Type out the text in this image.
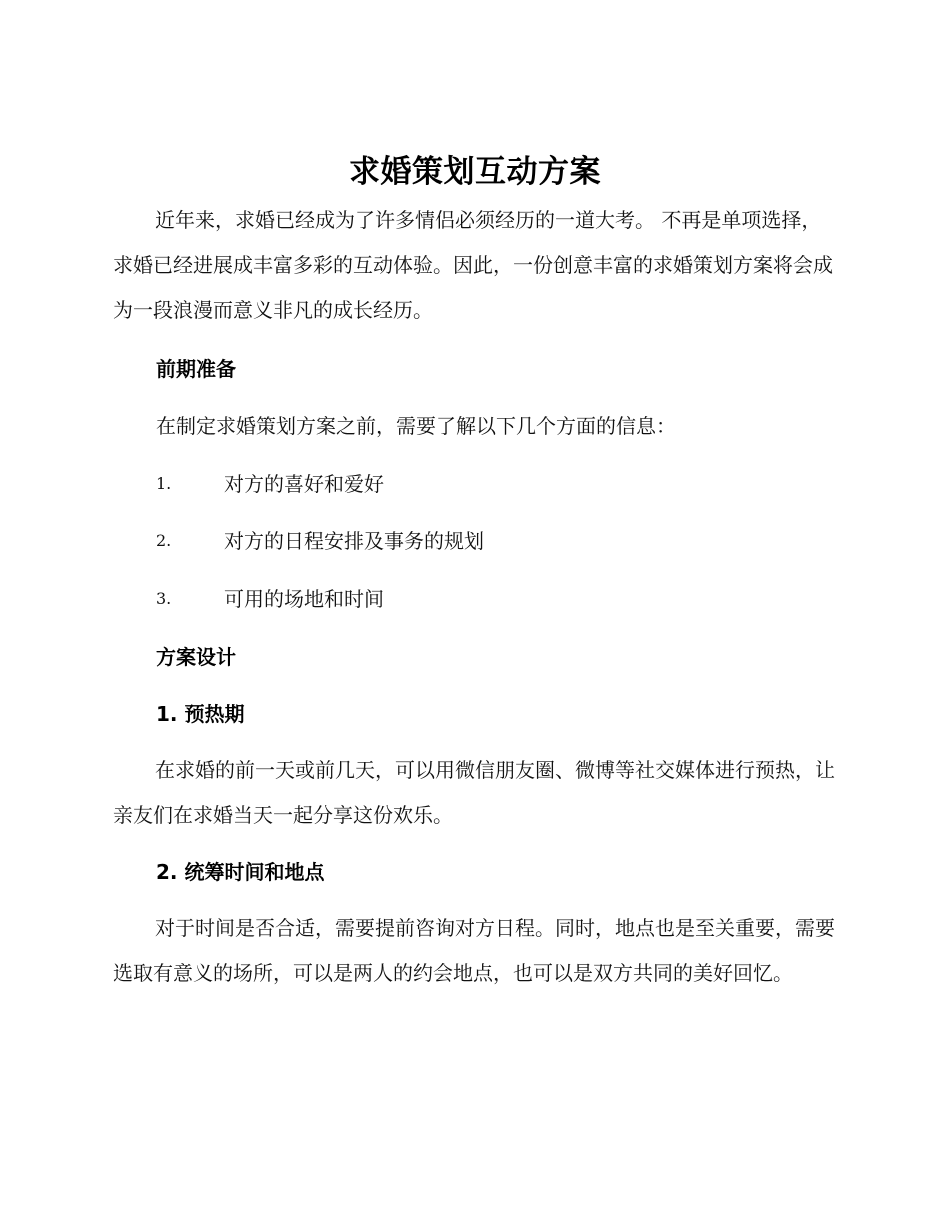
求婚策划互动方案

近年来，求婚已经成为了许多情侣必须经历的一道大考。 不再是单项选择，求婚已经进展成丰富多彩的互动体验。因此，一份创意丰富的求婚策划方案将会成为一段浪漫而意义非凡的成长经历。

前期准备
在制定求婚策划方案之前，需要了解以下几个方面的信息：
1.	对方的喜好和爱好
2.	对方的日程安排及事务的规划
3.	可用的场地和时间
方案设计
1. 预热期

在求婚的前一天或前几天，可以用微信朋友圈、微博等社交媒体进行预热，让亲友们在求婚当天一起分享这份欢乐。

2. 统筹时间和地点

对于时间是否合适，需要提前咨询对方日程。同时，地点也是至关重要，需要选取有意义的场所，可以是两人的约会地点，也可以是双方共同的美好回忆。
